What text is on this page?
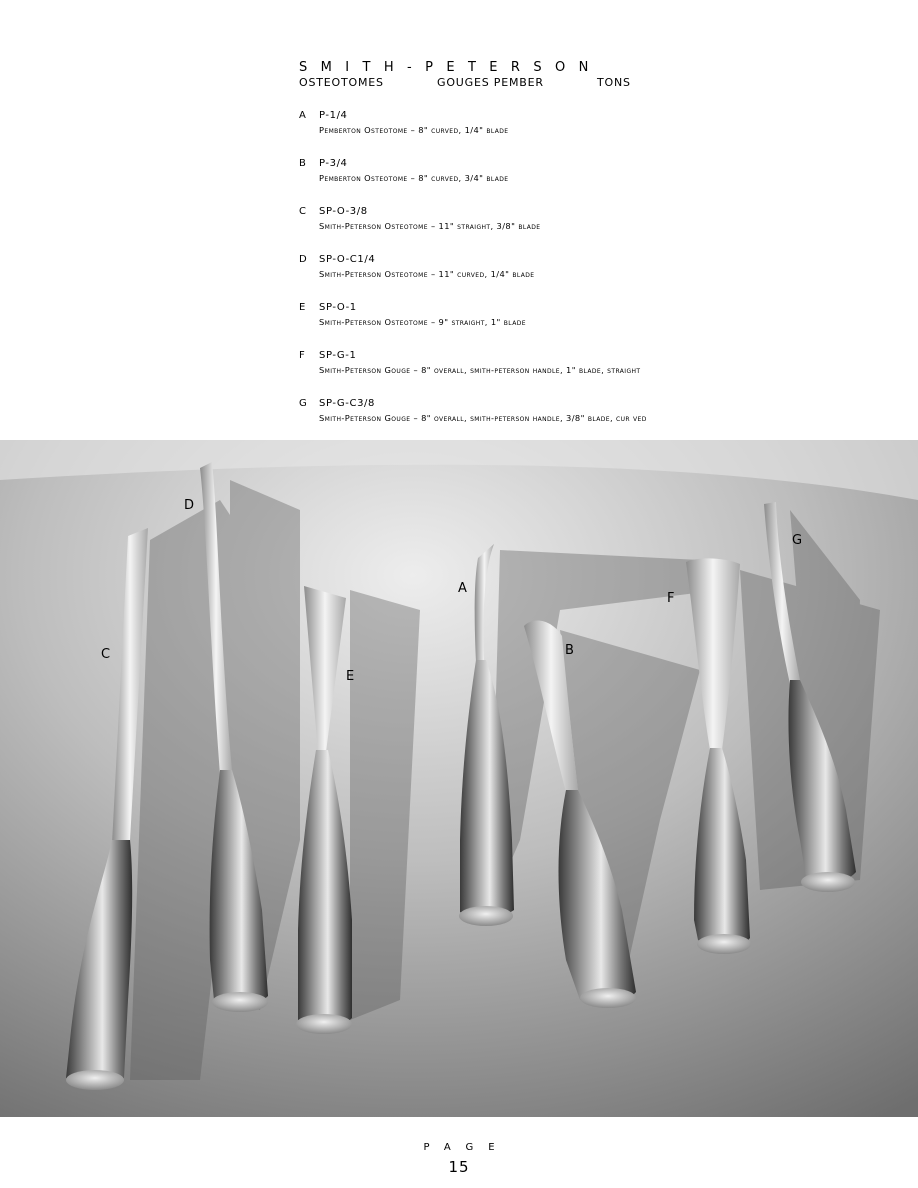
SMITH-PETERSON
OSTEOTOMES	GOUGES PEMBER	TONS
A P-1/4
Pemberton Osteotome – 8" curved, 1/4" blade
B P-3/4
Pemberton Osteotome – 8" curved, 3/4" blade
C SP-O-3/8
Smith-Peterson Osteotome – 11" straight, 3/8" blade
D SP-O-C1/4
Smith-Peterson Osteotome – 11" curved, 1/4" blade
E SP-O-1
Smith-Peterson Osteotome – 9" straight, 1" blade
F SP-G-1
Smith-Peterson Gouge – 8" overall, smith-peterson handle, 1" blade, straight
G SP-G-C3/8
Smith-Peterson Gouge – 8" overall, smith-peterson handle, 3/8" blade, cur ved
D
C
E
A
B
F
G
PAGE
15
